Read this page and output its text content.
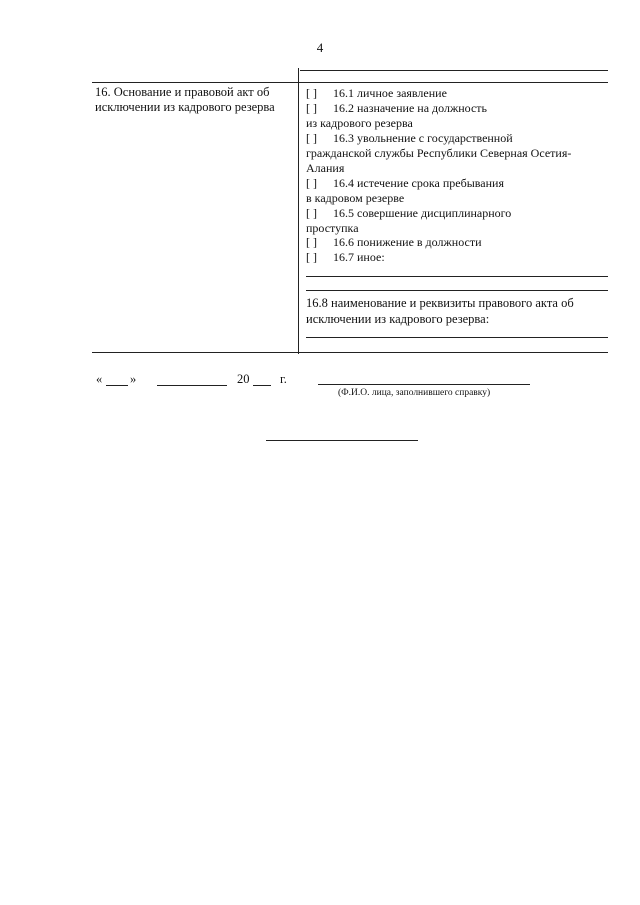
4
16. Основание и правовой акт об исключении из кадрового резерва
[ ] 16.1 личное заявление
[ ] 16.2 назначение на должность
из кадрового резерва
[ ] 16.3 увольнение с государственной
гражданской службы Республики Северная Осетия-
Алания
[ ] 16.4 истечение срока пребывания
в кадровом резерве
[ ] 16.5 совершение дисциплинарного
проступка
[ ] 16.6 понижение в должности
[ ] 16.7 иное:
16.8 наименование и реквизиты правового акта об
исключении из кадрового резерва:
« »	20 г.
(Ф.И.О. лица, заполнившего справку)
